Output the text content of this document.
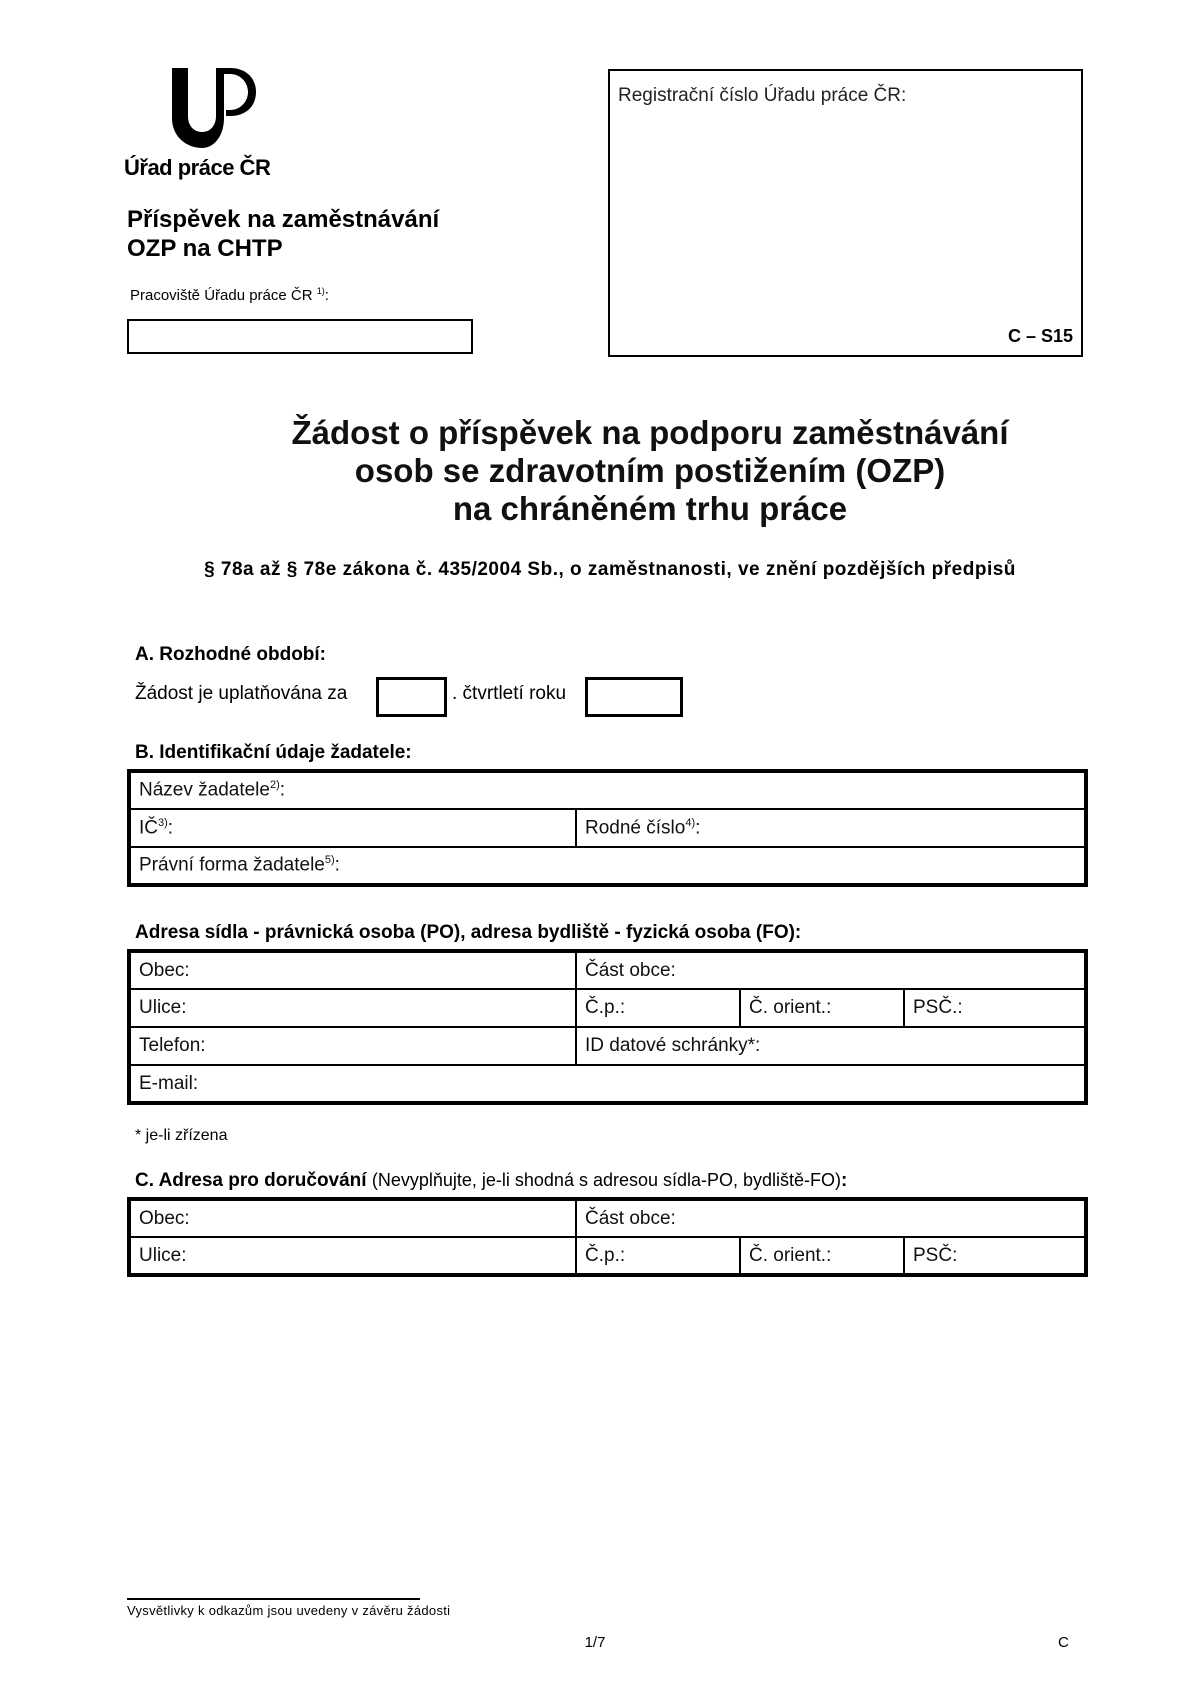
Úřad práce ČR
Příspěvek na zaměstnávání
OZP na CHTP
Pracoviště Úřadu práce ČR $^{1)}$:
Registrační číslo Úřadu práce ČR:
C – S15
Žádost o příspěvek na podporu zaměstnávání
osob se zdravotním postižením (OZP)
na chráněném trhu práce
§ 78a až § 78e zákona č. 435/2004 Sb., o zaměstnanosti, ve znění pozdějších předpisů
A. Rozhodné období:
Žádost je uplatňována za	. čtvrtletí roku
B. Identifikační údaje žadatele:
Název žadatele$^{2)}$:
IČ$^{3)}$:	Rodné číslo$^{4)}$:
Právní forma žadatele$^{5)}$:
Adresa sídla - právnická osoba (PO), adresa bydliště - fyzická osoba (FO):
Obec:	Část obce:		
Ulice:	Č.p.:	Č. orient.:	PSČ.:
Telefon:	ID datové schránky*:		
E-mail:			
* je-li zřízena
C. Adresa pro doručování (Nevyplňujte, je-li shodná s adresou sídla-PO, bydliště-FO):
Obec:	Část obce:		
Ulice:	Č.p.:	Č. orient.:	PSČ:
Vysvětlivky k odkazům jsou uvedeny v závěru žádosti
1/7	C
